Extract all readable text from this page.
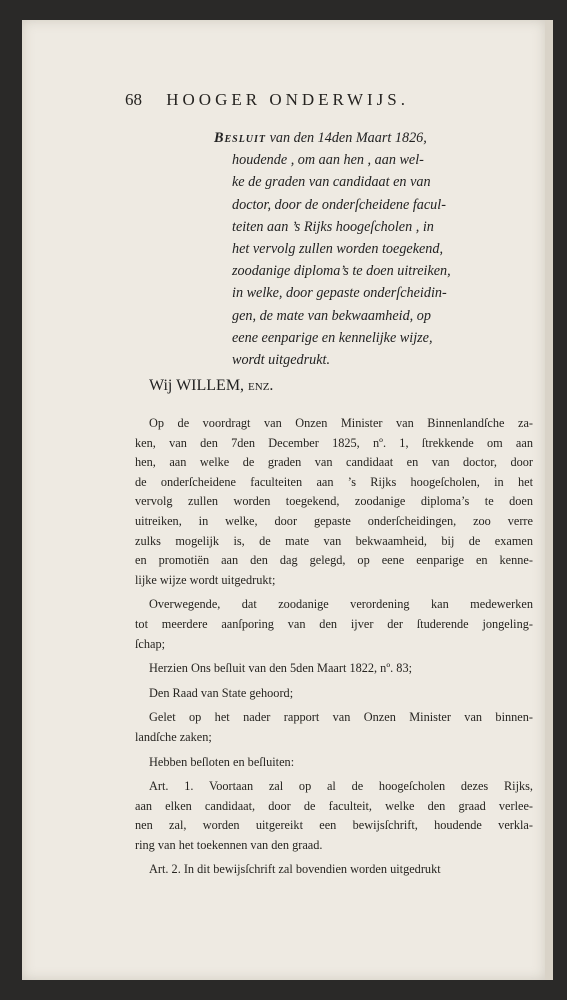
68 HOOGER ONDERWIJS.
Besluit van den 14den Maart 1826,
houdende , om aan hen , aan wel-
ke de graden van candidaat en van
doctor, door de onderſcheidene facul-
teiten aan ’s Rijks hoogeſcholen , in
het vervolg zullen worden toegekend,
zoodanige diploma’s te doen uitreiken,
in welke, door gepaste onderſcheidin-
gen, de mate van bekwaamheid, op
eene eenparige en kennelijke wijze,
wordt uitgedrukt.
Wij WILLEM, enz.
Op de voordragt van Onzen Minister van Binnenlandſche za-
ken, van den 7den December 1825, nº. 1, ſtrekkende om aan
hen, aan welke de graden van candidaat en van doctor, door
de onderſcheidene faculteiten aan ’s Rijks hoogeſcholen, in het
vervolg zullen worden toegekend, zoodanige diploma’s te doen
uitreiken, in welke, door gepaste onderſcheidingen, zoo verre
zulks mogelijk is, de mate van bekwaamheid, bij de examen
en promotiën aan den dag gelegd, op eene eenparige en kenne-
lijke wijze wordt uitgedrukt;
Overwegende, dat zoodanige verordening kan medewerken
tot meerdere aanſporing van den ijver der ſtuderende jongeling-
ſchap;
Herzien Ons beſluit van den 5den Maart 1822, nº. 83;
Den Raad van State gehoord;
Gelet op het nader rapport van Onzen Minister van binnen-
landſche zaken;
Hebben beſloten en beſluiten:
Art. 1. Voortaan zal op al de hoogeſcholen dezes Rijks,
aan elken candidaat, door de faculteit, welke den graad verlee-
nen zal, worden uitgereikt een bewijsſchrift, houdende verkla-
ring van het toekennen van den graad.
Art. 2. In dit bewijsſchrift zal bovendien worden uitgedrukt
